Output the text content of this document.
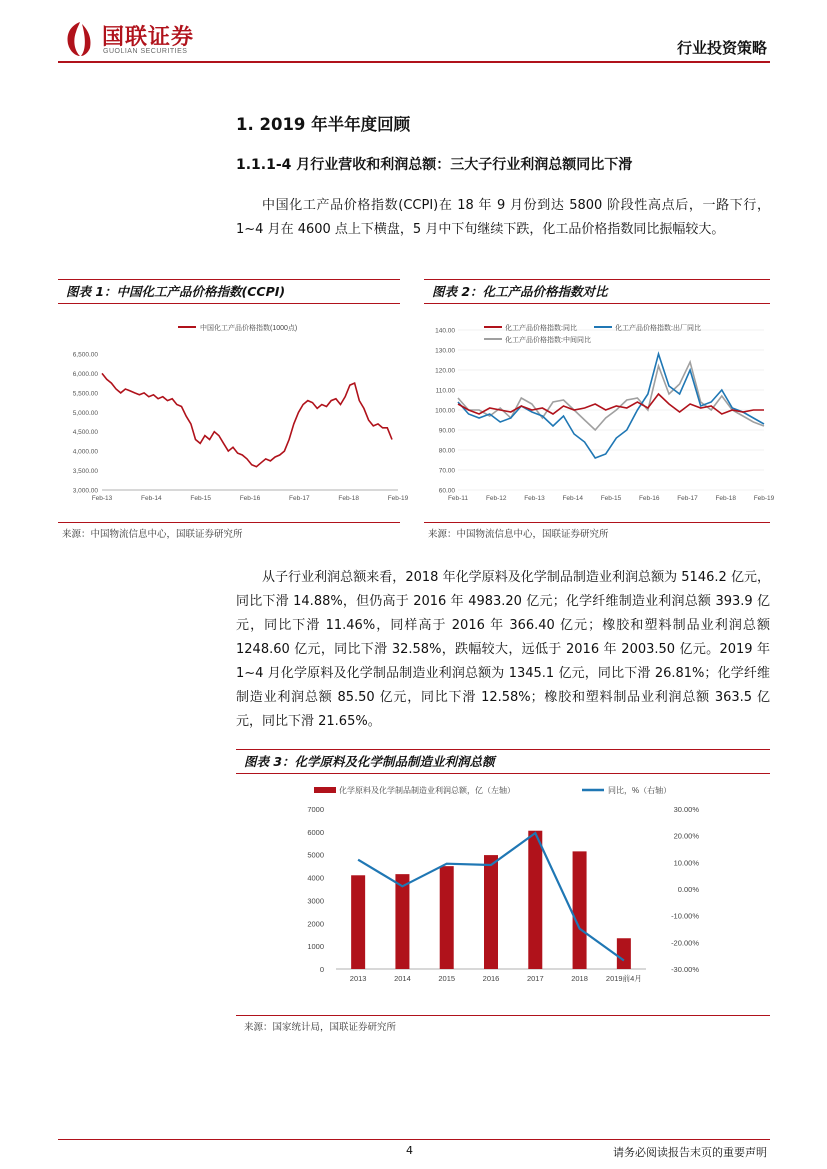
国联证券
GUOLIAN SECURITIES	行业投资策略
1. 2019 年半年度回顾
1.1.1-4 月行业营收和利润总额：三大子行业利润总额同比下滑
中国化工产品价格指数(CCPI)在 18 年 9 月份到达 5800 阶段性高点后，一路下行，1~4 月在 4600 点上下横盘，5 月中下旬继续下跌，化工品价格指数同比振幅较大。
图表 1：中国化工产品价格指数(CCPI)	图表 2：化工产品价格指数对比
6,500.00
6,000.00
5,500.00
5,000.00
4,500.00
4,000.00
3,500.00
3,000.00
Feb-13	Feb-14	Feb-15	Feb-16	Feb-17	Feb-18	Feb-19
中国化工产品价格指数(1000点)
来源：中国物流信息中心，国联证券研究所
140.00
130.00
120.00
110.00
100.00
90.00
80.00
70.00
60.00
Feb-11	Feb-12	Feb-13	Feb-14	Feb-15	Feb-16	Feb-17	Feb-18	Feb-19
化工产品价格指数:同比	化工产品价格指数:出厂同比
化工产品价格指数:中间同比
来源：中国物流信息中心，国联证券研究所
从子行业利润总额来看，2018 年化学原料及化学制品制造业利润总额为 5146.2 亿元，同比下滑 14.88%，但仍高于 2016 年 4983.20 亿元；化学纤维制造业利润总额 393.9 亿元，同比下滑 11.46%，同样高于 2016 年 366.40 亿元；橡胶和塑料制品业利润总额 1248.60 亿元，同比下滑 32.58%，跌幅较大，远低于 2016 年 2003.50 亿元。2019 年 1~4 月化学原料及化学制品制造业利润总额为 1345.1 亿元，同比下滑 26.81%；化学纤维制造业利润总额 85.50 亿元，同比下滑 12.58%；橡胶和塑料制品业利润总额 363.5 亿元，同比下滑 21.65%。
图表 3：化学原料及化学制品制造业利润总额
化学原料及化学制品制造业利润总额，亿（左轴）	同比，%（右轴）
7000
6000
5000
4000
3000
2000
1000
0
30.00%
20.00%
10.00%
0.00%
-10.00%
-20.00%
-30.00%
2013	2014	2015	2016	2017	2018 2019前4月
来源：国家统计局，国联证券研究所
4	请务必阅读报告末页的重要声明
